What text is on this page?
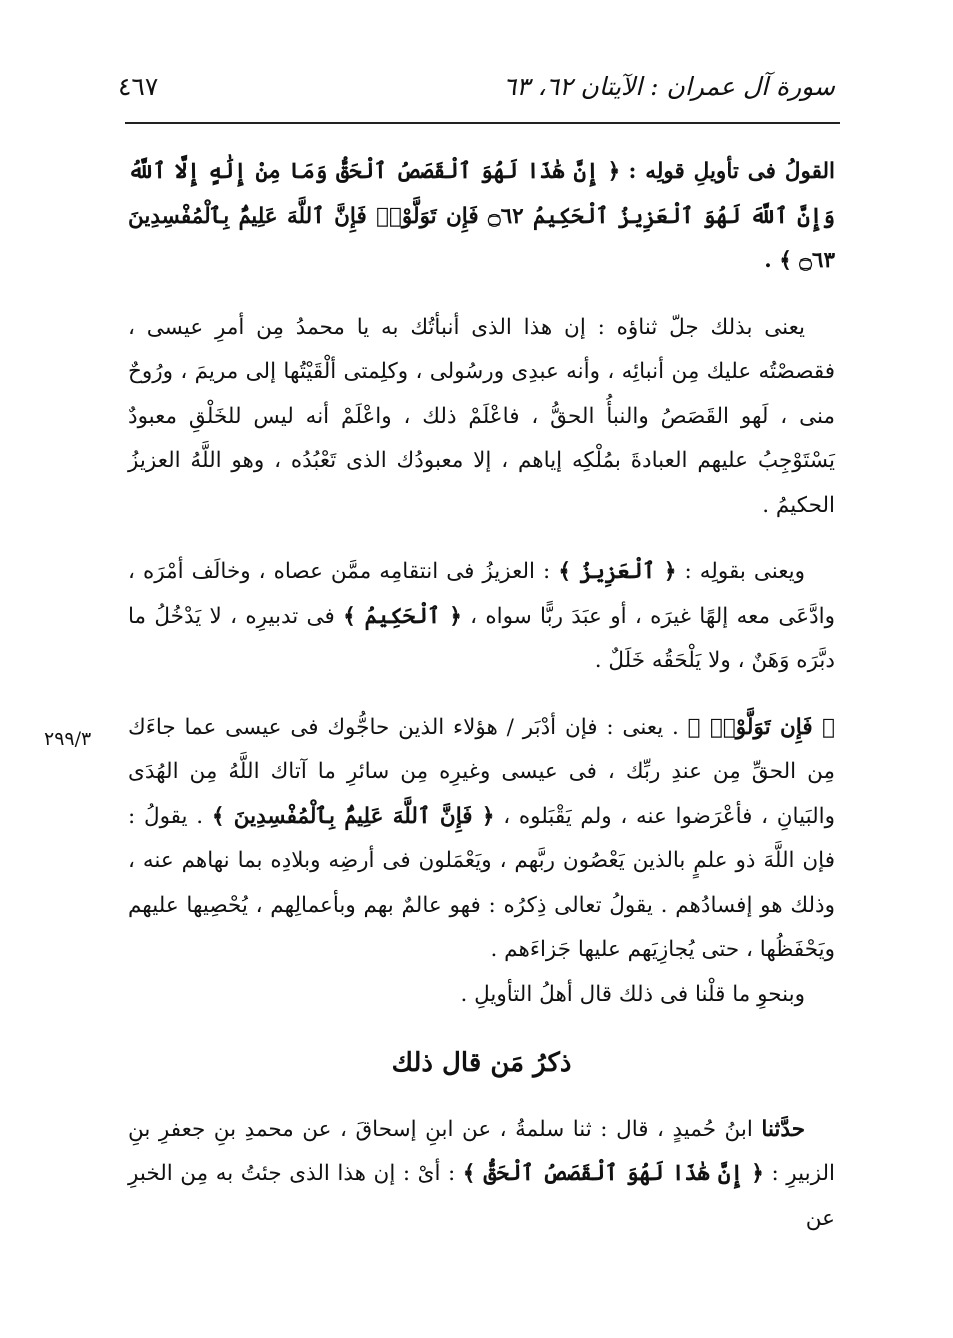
سورة آل عمران : الآيتان ٦٢، ٦٣
٤٦٧
٢٩٩/٣

القولُ فى تأويلِ قولِه : ﴿ إِنَّ هَٰذَا لَهُوَ ٱلْقَصَصُ ٱلْحَقُّ وَمَا مِنْ إِلَٰهٍ إِلَّا ٱللَّهُ وَإِنَّ ٱللَّهَ لَهُوَ ٱلْعَزِيزُ ٱلْحَكِيمُ ۝٦٢ فَإِن تَوَلَّوْا۟ فَإِنَّ ٱللَّهَ عَلِيمٌۢ بِٱلْمُفْسِدِينَ ۝٦٣ ﴾ .

يعنى بذلك جلّ ثناؤه : إن هذا الذى أنبأتُك به يا محمدُ مِن أمرِ عيسى ، فقصصْتُه عليك مِن أنبائِه ، وأنه عبدِى ورسُولى ، وكلِمتى ألْقَيْتُها إلى مريمَ ، ورُوحٌ منى ، لَهو القَصَصُ والنبأُ الحقُّ ، فاعْلَمْ ذلك ، واعْلَمْ أنه ليس للخَلْقِ معبودٌ يَسْتَوْجِبُ عليهم العبادةَ بمُلْكِه إياهم ، إلا معبودُك الذى تَعْبُدُه ، وهو اللَّهُ العزيزُ الحكيمُ .

ويعنى بقولِه : ﴿ ٱلْعَزِيزُ ﴾ : العزيزُ فى انتقامِه ممَّن عصاه ، وخالَف أمْرَه ، وادَّعَى معه إلهًا غيرَه ، أو عبَدَ ربًّا سواه ، ﴿ ٱلْحَكِيمُ ﴾ فى تدبيرِه ، لا يَدْخُلُ ما دبَّرَه وَهَنٌ ، ولا يَلْحَقُه خَلَلٌ .

﴿ فَإِن تَوَلَّوْا۟ ﴾ . يعنى : فإن أدْبَر / هؤلاء الذين حاجُّوك فى عيسى عما جاءَك مِن الحقِّ مِن عندِ ربِّك ، فى عيسى وغيرِه مِن سائرِ ما آتاك اللَّهُ مِن الهُدَى والبَيانِ ، فأعْرَضوا عنه ، ولم يَقْبَلوه ، ﴿ فَإِنَّ ٱللَّهَ عَلِيمٌۢ بِٱلْمُفْسِدِينَ ﴾ . يقولُ : فإن اللَّهَ ذو علمٍ بالذين يَعْصُون ربَّهم ، ويَعْمَلون فى أرضِه وبلادِه بما نهاهم عنه ، وذلك هو إفسادُهم . يقولُ تعالى ذِكرُه : فهو عالمٌ بهم وبأعمالِهم ، يُحْصِيها عليهم ويَحْفَظُها ، حتى يُجازِيَهم عليها جَزاءَهم .

وبنحوِ ما قلْنا فى ذلك قال أهلُ التأويلِ .

ذكرُ مَن قال ذلك

حدَّثنا ابنُ حُميدٍ ، قال : ثنا سلمةُ ، عن ابنِ إسحاقَ ، عن محمدِ بنِ جعفرِ بنِ الزبيرِ : ﴿ إِنَّ هَٰذَا لَهُوَ ٱلْقَصَصُ ٱلْحَقُّ ﴾ : أىْ : إن هذا الذى جئتُ به مِن الخبرِ عن
